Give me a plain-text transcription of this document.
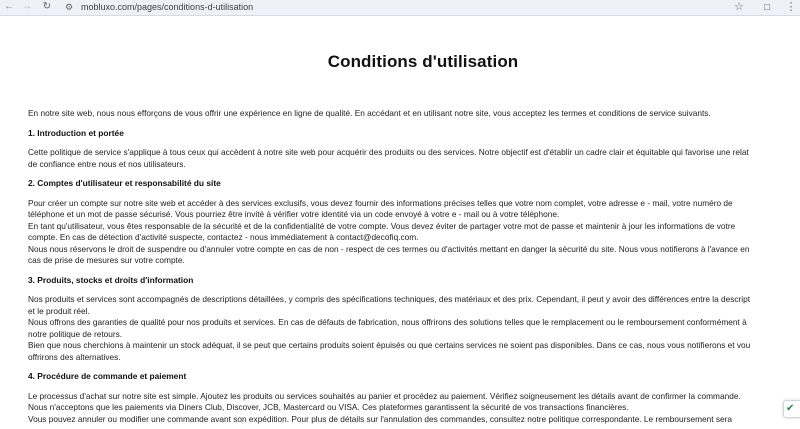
← → ↻	⚙ mobluxo.com/pages/conditions-d-utilisation	☆	□	⋮
Conditions d'utilisation

En notre site web, nous nous efforçons de vous offrir une expérience en ligne de qualité. En accédant et en utilisant notre site, vous acceptez les termes et conditions de service suivants.

1. Introduction et portée

Cette politique de service s'applique à tous ceux qui accèdent à notre site web pour acquérir des produits ou des services. Notre objectif est d'établir un cadre clair et équitable qui favorise une relat

de confiance entre nous et nos utilisateurs.

2. Comptes d'utilisateur et responsabilité du site

Pour créer un compte sur notre site web et accéder à des services exclusifs, vous devez fournir des informations précises telles que votre nom complet, votre adresse e - mail, votre numéro de

téléphone et un mot de passe sécurisé. Vous pourriez être invité à vérifier votre identité via un code envoyé à votre e - mail ou à votre téléphone.

En tant qu'utilisateur, vous êtes responsable de la sécurité et de la confidentialité de votre compte. Vous devez éviter de partager votre mot de passe et maintenir à jour les informations de votre

compte. En cas de détection d'activité suspecte, contactez - nous immédiatement à contact@decofiq.com.

Nous nous réservons le droit de suspendre ou d'annuler votre compte en cas de non - respect de ces termes ou d'activités mettant en danger la sécurité du site. Nous vous notifierons à l'avance en

cas de prise de mesures sur votre compte.

3. Produits, stocks et droits d'information

Nos produits et services sont accompagnés de descriptions détaillées, y compris des spécifications techniques, des matériaux et des prix. Cependant, il peut y avoir des différences entre la descript

et le produit réel.

Nous offrons des garanties de qualité pour nos produits et services. En cas de défauts de fabrication, nous offrirons des solutions telles que le remplacement ou le remboursement conformément à

notre politique de retours.

Bien que nous cherchions à maintenir un stock adéquat, il se peut que certains produits soient épuisés ou que certains services ne soient pas disponibles. Dans ce cas, nous vous notifierons et vou

offrirons des alternatives.

4. Procédure de commande et paiement

Le processus d'achat sur notre site est simple. Ajoutez les produits ou services souhaités au panier et procédez au paiement. Vérifiez soigneusement les détails avant de confirmer la commande.

Nous n'acceptons que les paiements via Diners Club, Discover, JCB, Mastercard ou VISA. Ces plateformes garantissent la sécurité de vos transactions financières.

Vous pouvez annuler ou modifier une commande avant son expédition. Pour plus de détails sur l'annulation des commandes, consultez notre politique correspondante. Le remboursement sera

✔
